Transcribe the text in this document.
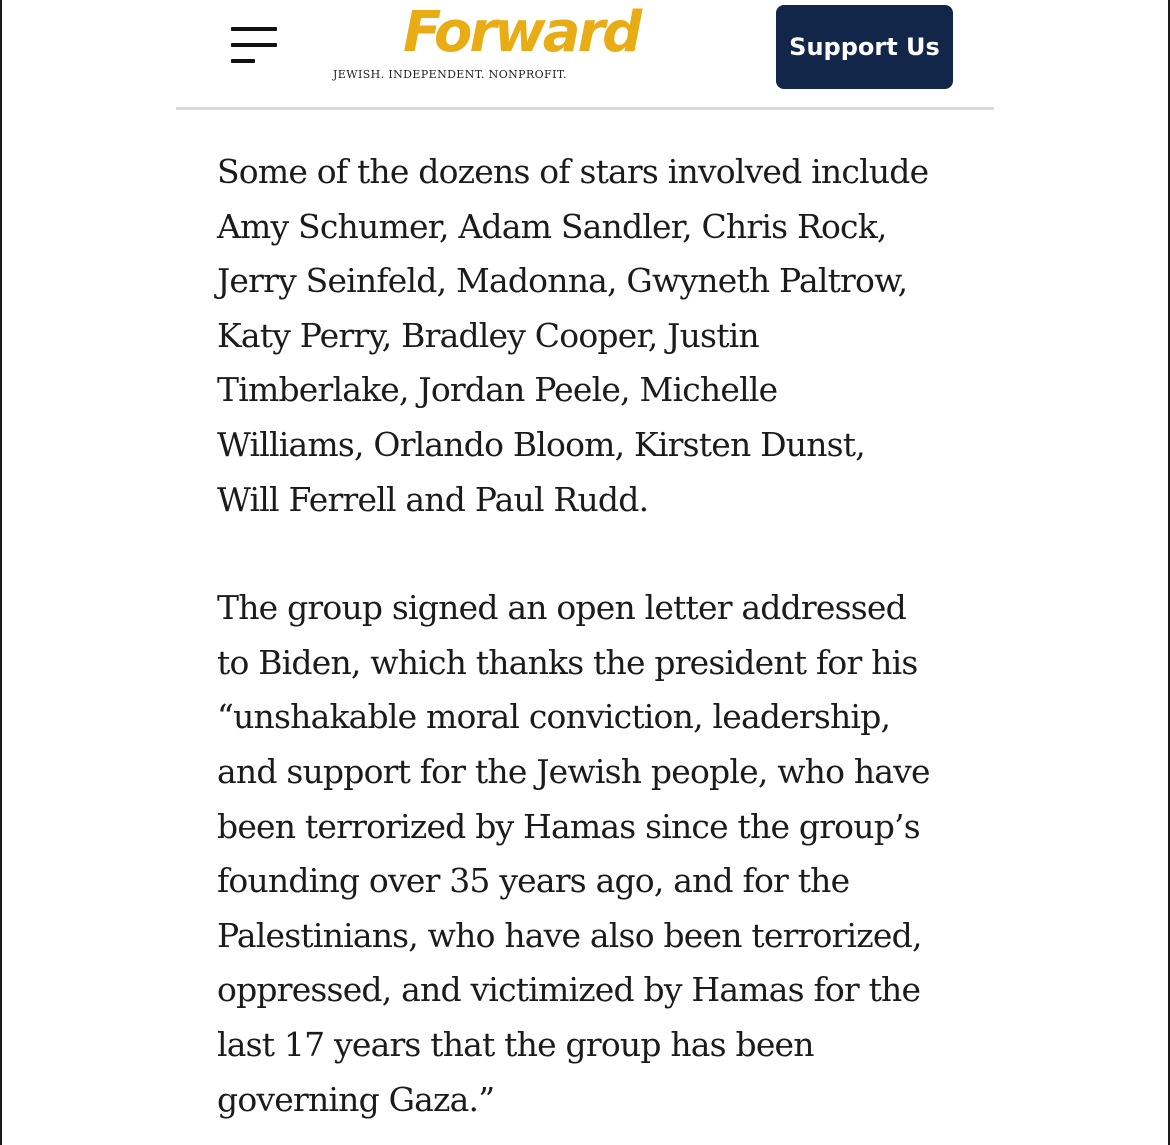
Forward
JEWISH. INDEPENDENT. NONPROFIT.
Support Us

Some of the dozens of stars involved include
Amy Schumer, Adam Sandler, Chris Rock,
Jerry Seinfeld, Madonna, Gwyneth Paltrow,
Katy Perry, Bradley Cooper, Justin
Timberlake, Jordan Peele, Michelle
Williams, Orlando Bloom, Kirsten Dunst,
Will Ferrell and Paul Rudd.

The group signed an open letter addressed
to Biden, which thanks the president for his
“unshakable moral conviction, leadership,
and support for the Jewish people, who have
been terrorized by Hamas since the group’s
founding over 35 years ago, and for the
Palestinians, who have also been terrorized,
oppressed, and victimized by Hamas for the
last 17 years that the group has been
governing Gaza.”
